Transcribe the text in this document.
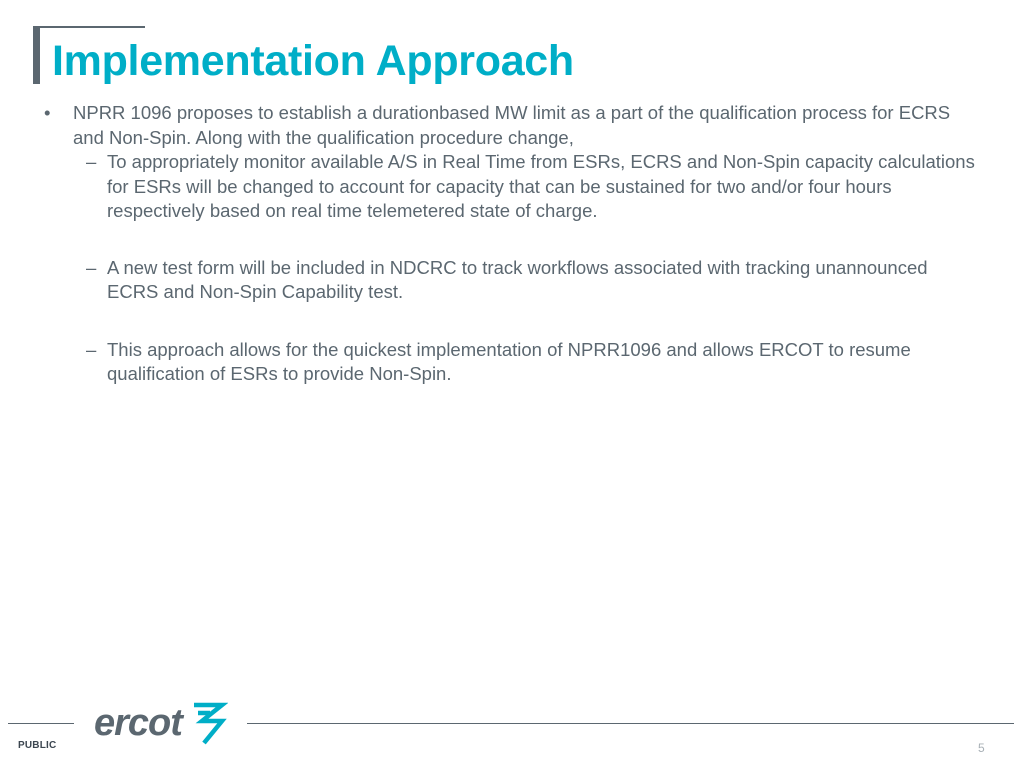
Implementation Approach
• NPRR 1096 proposes to establish a durationbased MW limit as a part of the qualification process for ECRS and Non-Spin. Along with the qualification procedure change,
– To appropriately monitor available A/S in Real Time from ESRs, ECRS and Non-Spin capacity calculations for ESRs will be changed to account for capacity that can be sustained for two and/or four hours respectively based on real time telemetered state of charge.
– A new test form will be included in NDCRC to track workflows associated with tracking unannounced ECRS and Non-Spin Capability test.
– This approach allows for the quickest implementation of NPRR1096 and allows ERCOT to resume qualification of ESRs to provide Non-Spin.
ercot
PUBLIC	5
